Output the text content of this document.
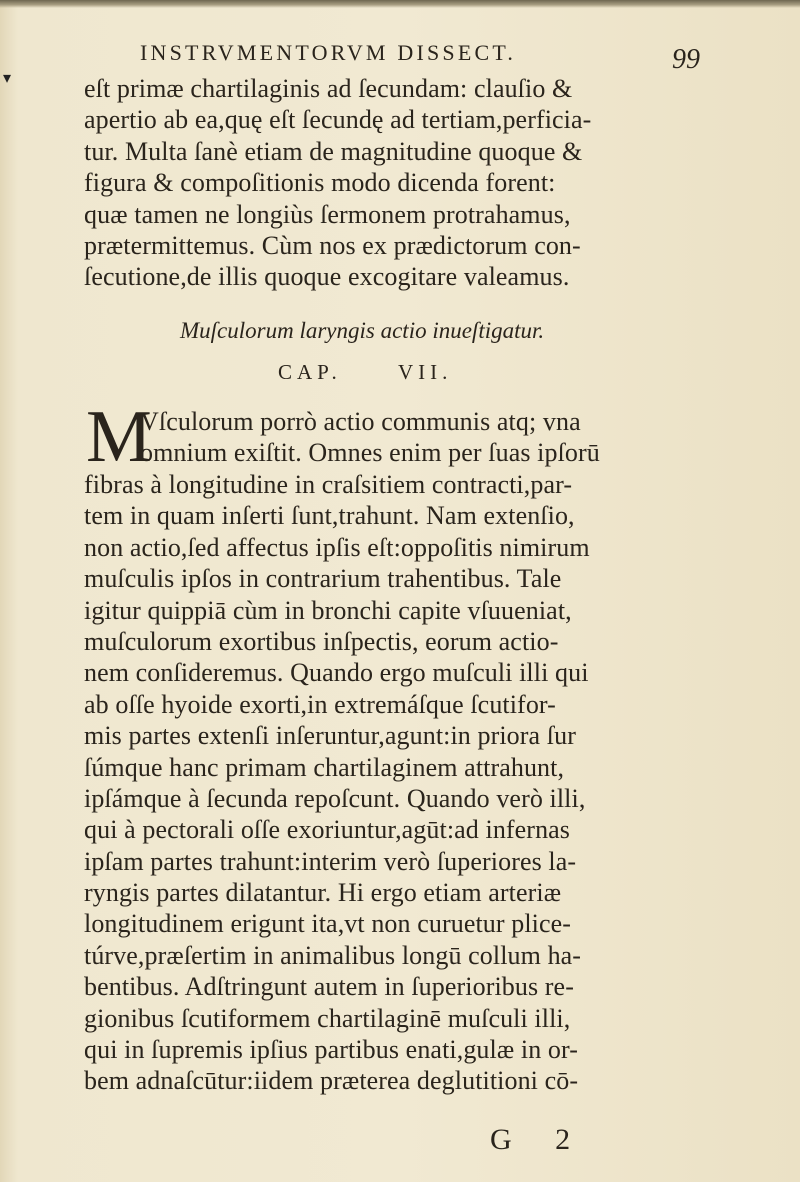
▾
INSTRVMENTORVM DISSECT.	99
eſt primæ chartilaginis ad ſecundam: clauſio &
apertio ab ea,quę eſt ſecundę ad tertiam,perficia-
tur. Multa ſanè etiam de magnitudine quoque &
figura & compoſitionis modo dicenda forent:
quæ tamen ne longiùs ſermonem protrahamus,
prætermittemus. Cùm nos ex prædictorum con-
ſecutione,de illis quoque excogitare valeamus.
Muſculorum laryngis actio inueſtigatur.
CAP.	VII.
M
Vſculorum porrò actio communis atq; vna
omnium exiſtit. Omnes enim per ſuas ipſorū
fibras à longitudine in craſsitiem contracti,par-
tem in quam inſerti ſunt,trahunt. Nam extenſio,
non actio,ſed affectus ipſis eſt:oppoſitis nimirum
muſculis ipſos in contrarium trahentibus. Tale
igitur quippiā cùm in bronchi capite vſuueniat,
muſculorum exortibus inſpectis, eorum actio-
nem conſideremus. Quando ergo muſculi illi qui
ab oſſe hyoide exorti,in extremáſque ſcutifor-
mis partes extenſi inſeruntur,agunt:in priora ſur
ſúmque hanc primam chartilaginem attrahunt,
ipſámque à ſecunda repoſcunt. Quando verò illi,
qui à pectorali oſſe exoriuntur,agūt:ad infernas
ipſam partes trahunt:interim verò ſuperiores la-
ryngis partes dilatantur. Hi ergo etiam arteriæ
longitudinem erigunt ita,vt non curuetur plice-
túrve,præſertim in animalibus longū collum ha-
bentibus. Adſtringunt autem in ſuperioribus re-
gionibus ſcutiformem chartilaginē muſculi illi,
qui in ſupremis ipſius partibus enati,gulæ in or-
bem adnaſcūtur:iidem præterea deglutitioni cō-
G 2
